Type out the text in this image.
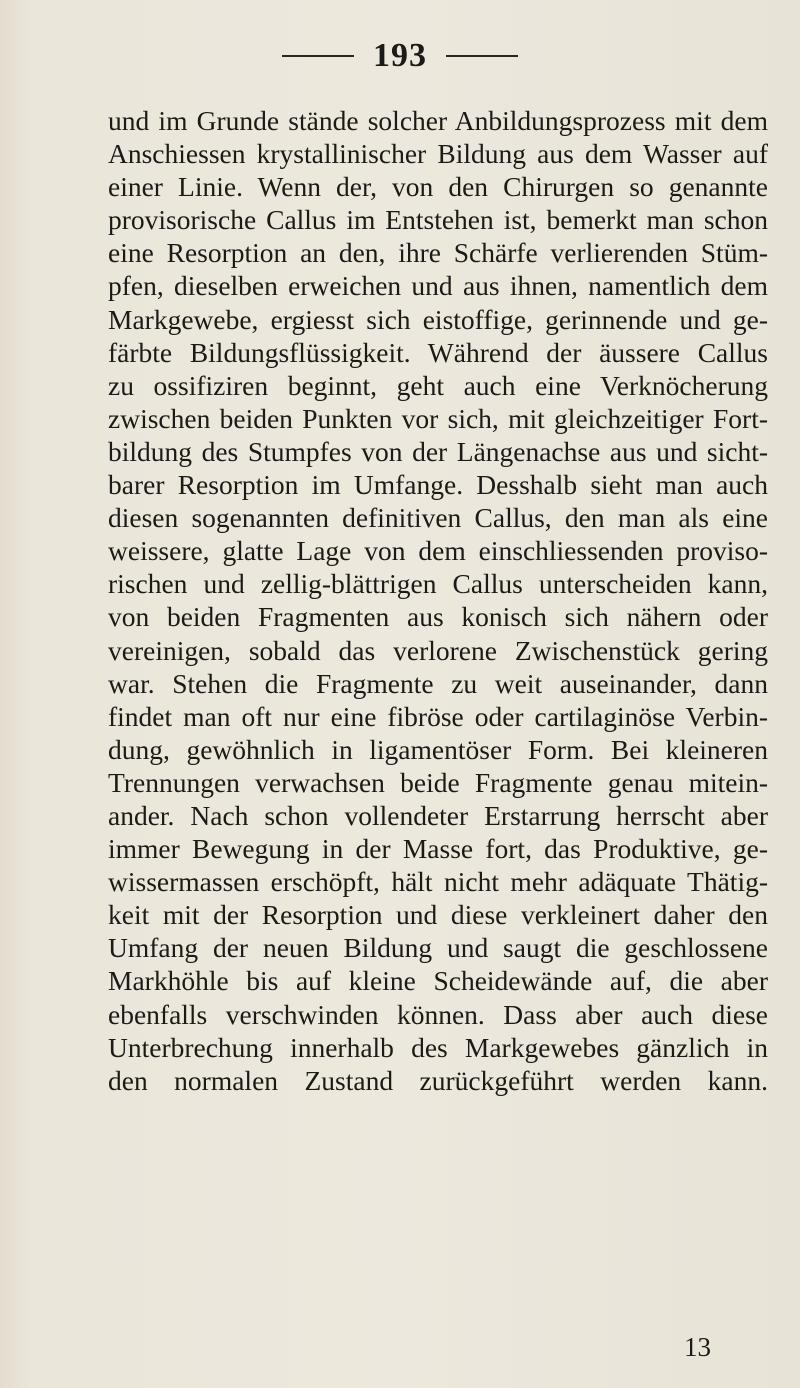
193
und im Grunde stände solcher Anbildungsprozess mit dem
Anschiessen krystallinischer Bildung aus dem Wasser auf
einer Linie. Wenn der, von den Chirurgen so genannte
provisorische Callus im Entstehen ist, bemerkt man schon
eine Resorption an den, ihre Schärfe verlierenden Stüm-
pfen, dieselben erweichen und aus ihnen, namentlich dem
Markgewebe, ergiesst sich eistoffige, gerinnende und ge-
färbte Bildungsflüssigkeit. Während der äussere Callus
zu ossifiziren beginnt, geht auch eine Verknöcherung
zwischen beiden Punkten vor sich, mit gleichzeitiger Fort-
bildung des Stumpfes von der Längenachse aus und sicht-
barer Resorption im Umfange. Desshalb sieht man auch
diesen sogenannten definitiven Callus, den man als eine
weissere, glatte Lage von dem einschliessenden proviso-
rischen und zellig-blättrigen Callus unterscheiden kann,
von beiden Fragmenten aus konisch sich nähern oder
vereinigen, sobald das verlorene Zwischenstück gering
war. Stehen die Fragmente zu weit auseinander, dann
findet man oft nur eine fibröse oder cartilaginöse Verbin-
dung, gewöhnlich in ligamentöser Form. Bei kleineren
Trennungen verwachsen beide Fragmente genau mitein-
ander. Nach schon vollendeter Erstarrung herrscht aber
immer Bewegung in der Masse fort, das Produktive, ge-
wissermassen erschöpft, hält nicht mehr adäquate Thätig-
keit mit der Resorption und diese verkleinert daher den
Umfang der neuen Bildung und saugt die geschlossene
Markhöhle bis auf kleine Scheidewände auf, die aber
ebenfalls verschwinden können. Dass aber auch diese
Unterbrechung innerhalb des Markgewebes gänzlich in
den normalen Zustand zurückgeführt werden kann.
13
